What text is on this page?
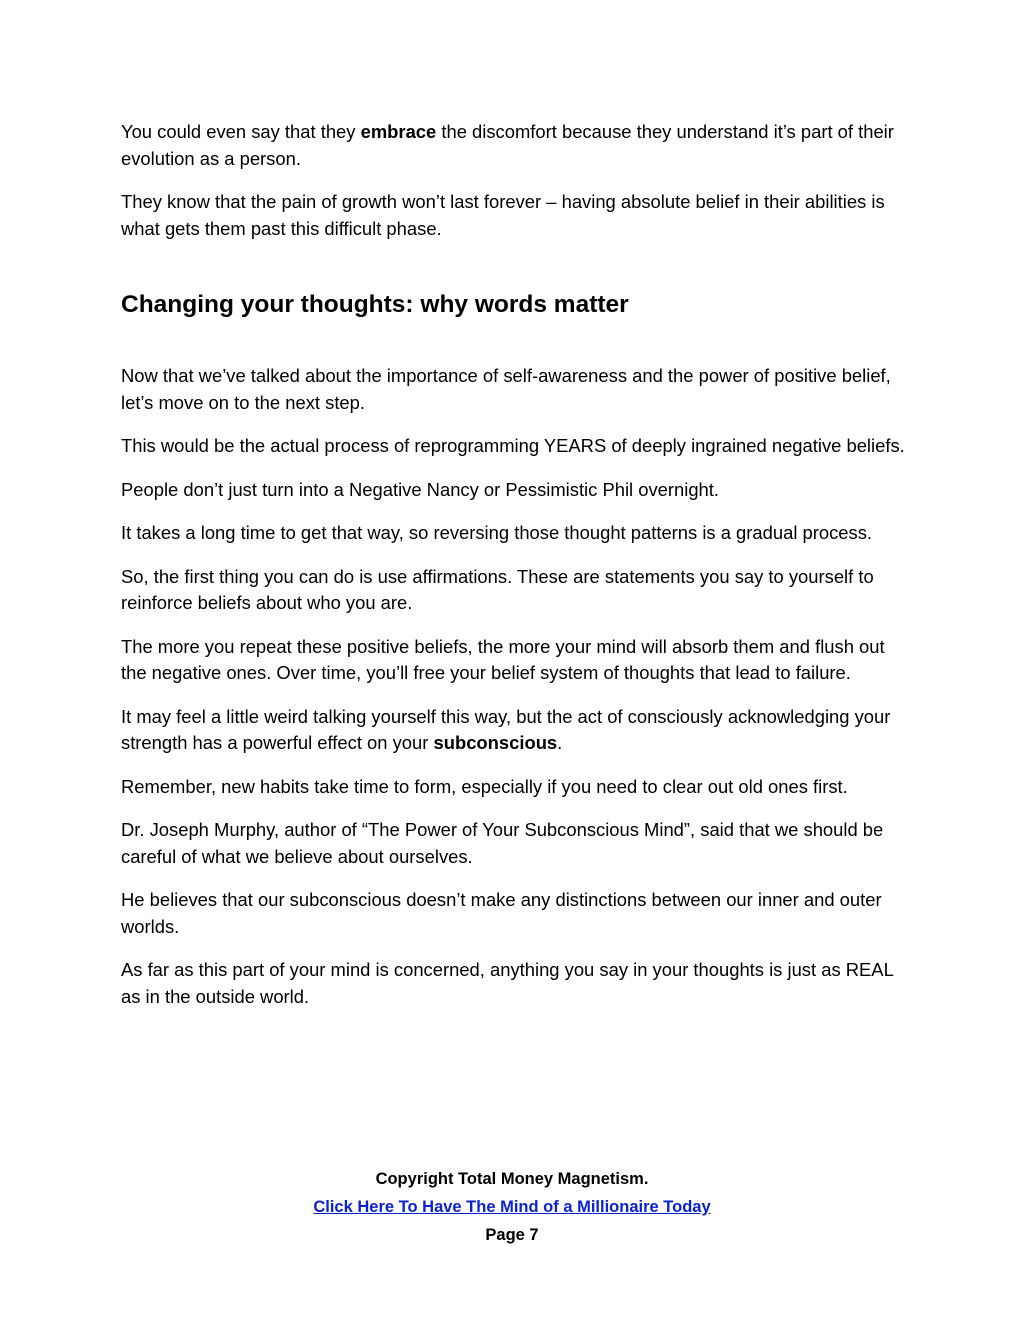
You could even say that they embrace the discomfort because they understand it’s part of their evolution as a person.

They know that the pain of growth won’t last forever – having absolute belief in their abilities is what gets them past this difficult phase.

Changing your thoughts: why words matter

Now that we’ve talked about the importance of self-awareness and the power of positive belief, let’s move on to the next step.

This would be the actual process of reprogramming YEARS of deeply ingrained negative beliefs.

People don’t just turn into a Negative Nancy or Pessimistic Phil overnight.

It takes a long time to get that way, so reversing those thought patterns is a gradual process.

So, the first thing you can do is use affirmations. These are statements you say to yourself to reinforce beliefs about who you are.

The more you repeat these positive beliefs, the more your mind will absorb them and flush out the negative ones. Over time, you’ll free your belief system of thoughts that lead to failure.

It may feel a little weird talking yourself this way, but the act of consciously acknowledging your strength has a powerful effect on your subconscious.

Remember, new habits take time to form, especially if you need to clear out old ones first.

Dr. Joseph Murphy, author of “The Power of Your Subconscious Mind”, said that we should be careful of what we believe about ourselves.

He believes that our subconscious doesn’t make any distinctions between our inner and outer worlds.

As far as this part of your mind is concerned, anything you say in your thoughts is just as REAL as in the outside world.

Copyright Total Money Magnetism.
Click Here To Have The Mind of a Millionaire Today
Page 7
